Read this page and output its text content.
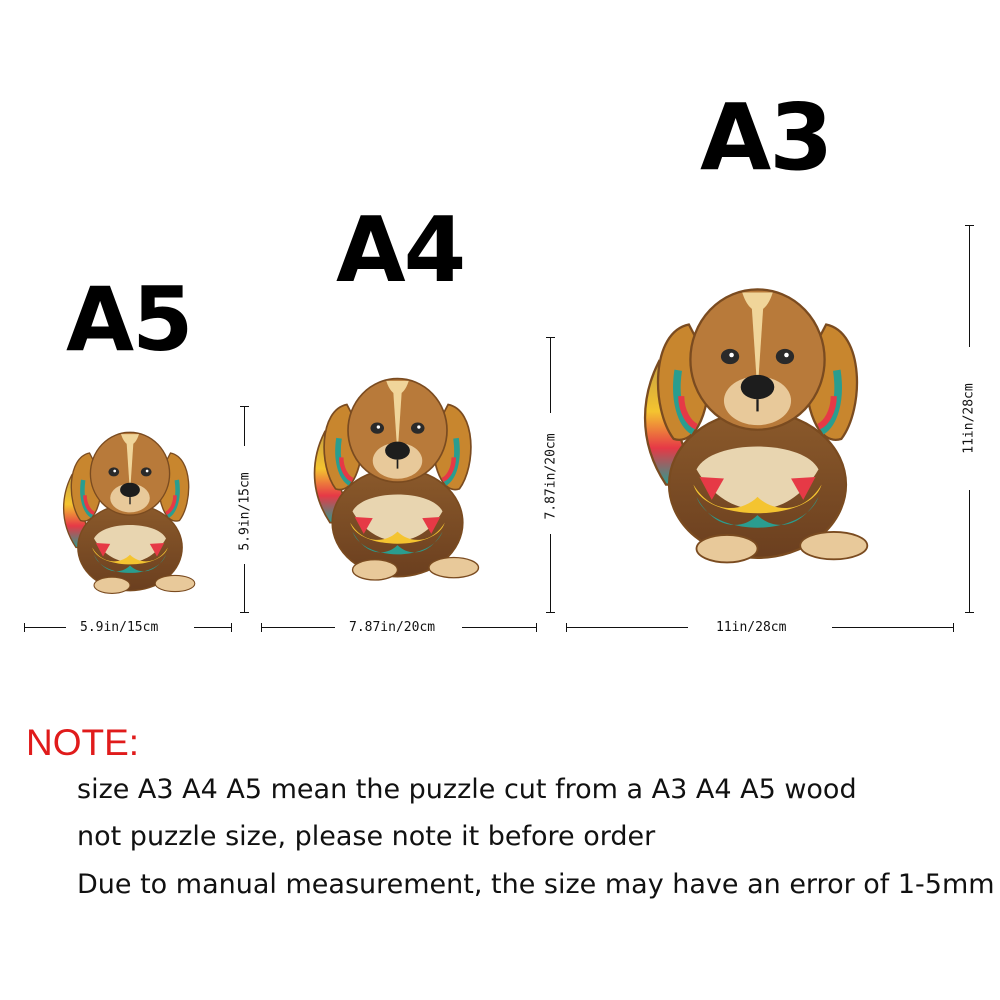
A5
A4
A3
5.9in/15cm
5.9in/15cm
7.87in/20cm
7.87in/20cm
11in/28cm
11in/28cm
NOTE:
size A3 A4 A5 mean the puzzle cut from a A3 A4 A5 wood
not puzzle size, please note it before order
Due to manual measurement, the size may have an error of 1-5mm
